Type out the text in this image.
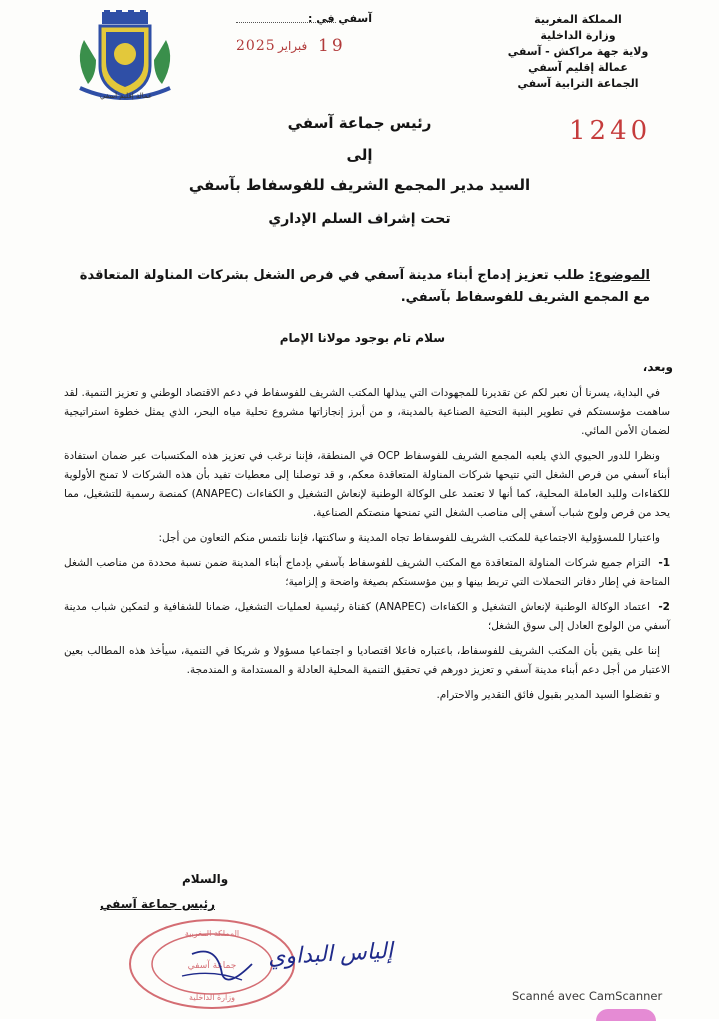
المملكة المغربية
وزارة الداخلية
ولاية جهة مراكش - آسفي
عمالة إقليم آسفي
الجماعة الترابية آسفي
عمالة إقليم آسفي
آسفي في :
2025 فبراير 19
1240
رئيس جماعة آسفي
إلى
السيد مدير المجمع الشريف للفوسفاط بآسفي
تحت إشراف السلم الإداري
الموضوع: طلب تعزيز إدماج أبناء مدينة آسفي في فرص الشغل بشركات المناولة المتعاقدة مع المجمع الشريف للفوسفاط بآسفي.
سلام تام بوجود مولانا الإمام
وبعد،

في البداية، يسرنا أن نعبر لكم عن تقديرنا للمجهودات التي يبذلها المكتب الشريف للفوسفاط في دعم الاقتصاد الوطني و تعزيز التنمية. لقد ساهمت مؤسستكم في تطوير البنية التحتية الصناعية بالمدينة، و من أبرز إنجازاتها مشروع تحلية مياه البحر، الذي يمثل خطوة استراتيجية لضمان الأمن المائي.

ونظرا للدور الحيوي الذي يلعبه المجمع الشريف للفوسفاط OCP في المنطقة، فإننا نرغب في تعزيز هذه المكتسبات عبر ضمان استفادة أبناء آسفي من فرص الشغل التي تتيحها شركات المناولة المتعاقدة معكم، و قد توصلنا إلى معطيات تفيد بأن هذه الشركات لا تمنح الأولوية للكفاءات وللبد العاملة المحلية، كما أنها لا تعتمد على الوكالة الوطنية لإنعاش التشغيل و الكفاءات (ANAPEC) كمنصة رسمية للتشغيل، مما يحد من فرص ولوج شباب آسفي إلى مناصب الشغل التي تمنحها منصتكم الصناعية.

واعتبارا للمسؤولية الاجتماعية للمكتب الشريف للفوسفاط تجاه المدينة و ساكنتها، فإننا نلتمس منكم التعاون من أجل:

1- التزام جميع شركات المناولة المتعاقدة مع المكتب الشريف للفوسفاط بآسفي بإدماج أبناء المدينة ضمن نسبة محددة من مناصب الشغل المتاحة في إطار دفاتر التحملات التي تربط بينها و بين مؤسستكم بصيغة واضحة و إلزامية؛
2- اعتماد الوكالة الوطنية لإنعاش التشغيل و الكفاءات (ANAPEC) كقناة رئيسية لعمليات التشغيل، ضمانا للشفافية و لتمكين شباب مدينة آسفي من الولوج العادل إلى سوق الشغل؛

إننا على يقين بأن المكتب الشريف للفوسفاط، باعتباره فاعلا اقتصاديا و اجتماعيا مسؤولا و شريكا في التنمية، سيأخذ هذه المطالب بعين الاعتبار من أجل دعم أبناء مدينة آسفي و تعزيز دورهم في تحقيق التنمية المحلية العادلة و المستدامة و المندمجة.

و تفضلوا السيد المدير بقبول فائق التقدير والاحترام.

والسلام
رئيس جماعة آسفي
المملكة المغربية
جماعة آسفي
وزارة الداخلية
إلياس البداوي
Scanné avec CamScanner
